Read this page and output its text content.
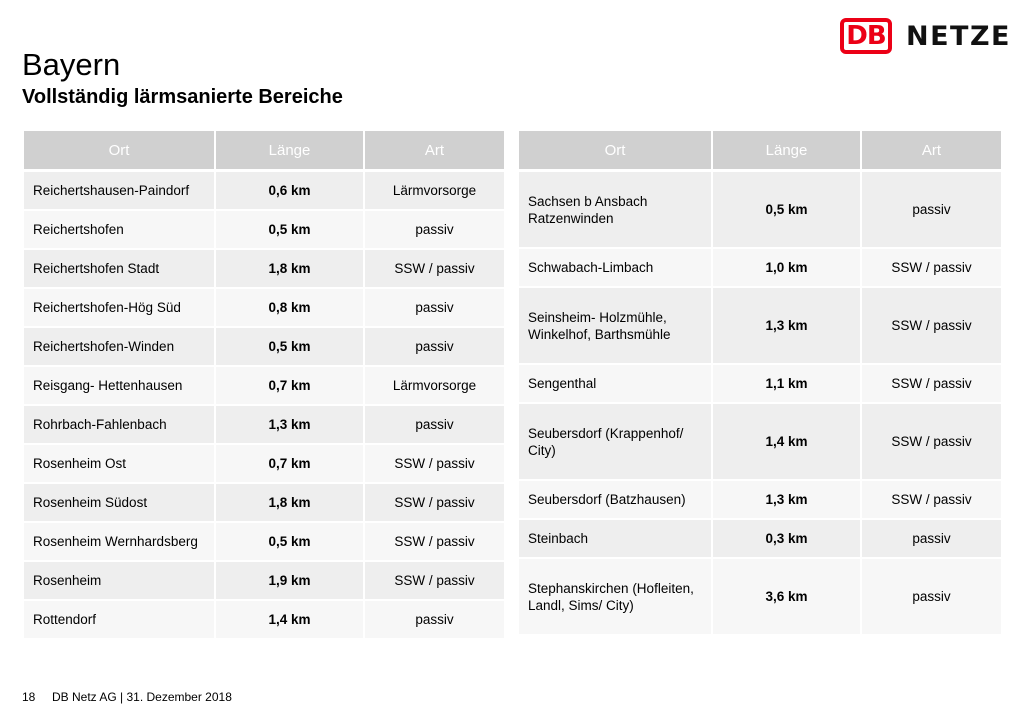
Bayern
Vollständig lärmsanierte Bereiche
DB NETZE
Ort	Länge	Art
Reichertshausen-Paindorf	0,6 km	Lärmvorsorge
Reichertshofen	0,5 km	passiv
Reichertshofen Stadt	1,8 km	SSW / passiv
Reichertshofen-Hög Süd	0,8 km	passiv
Reichertshofen-Winden	0,5 km	passiv
Reisgang- Hettenhausen	0,7 km	Lärmvorsorge
Rohrbach-Fahlenbach	1,3 km	passiv
Rosenheim Ost	0,7 km	SSW / passiv
Rosenheim Südost	1,8 km	SSW / passiv
Rosenheim Wernhardsberg	0,5 km	SSW / passiv
Rosenheim	1,9 km	SSW / passiv
Rottendorf	1,4 km	passiv
Ort	Länge	Art
Sachsen b Ansbach
Ratzenwinden	0,5 km	passiv
Schwabach-Limbach	1,0 km	SSW / passiv
Seinsheim- Holzmühle,
Winkelhof, Barthsmühle	1,3 km	SSW / passiv
Sengenthal	1,1 km	SSW / passiv
Seubersdorf (Krappenhof/
City)	1,4 km	SSW / passiv
Seubersdorf (Batzhausen)	1,3 km	SSW / passiv
Steinbach	0,3 km	passiv
Stephanskirchen (Hofleiten,
Landl, Sims/ City)	3,6 km	passiv
18 DB Netz AG | 31. Dezember 2018
